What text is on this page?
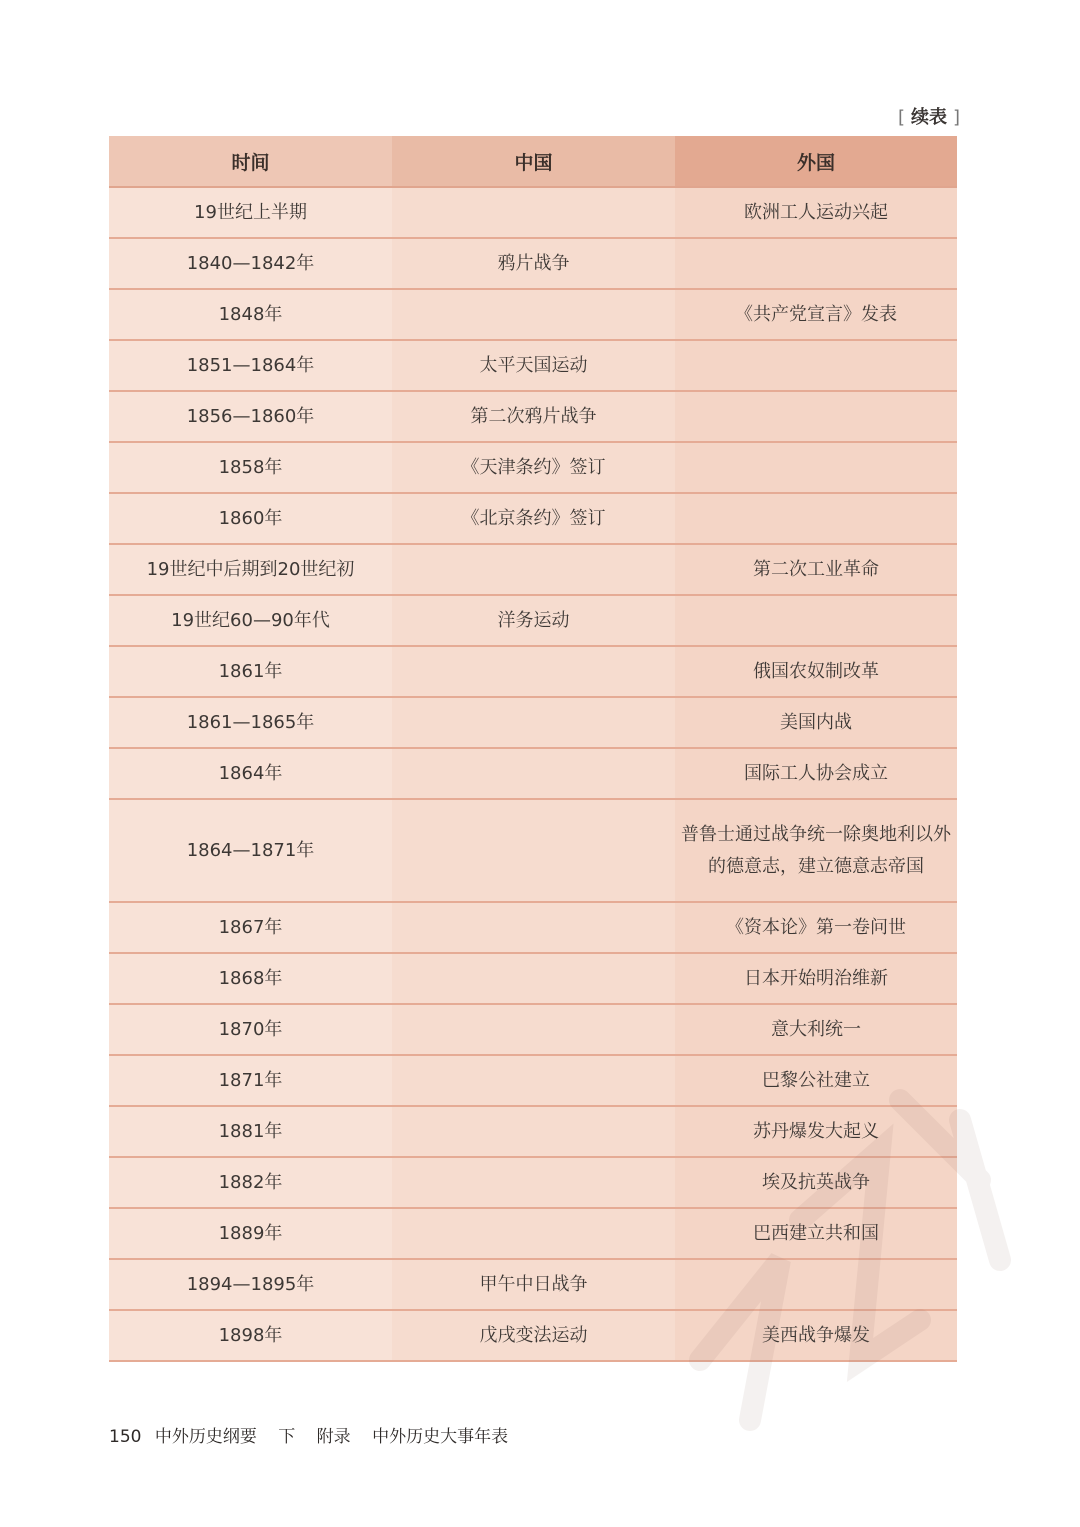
[ 续表 ]
时间	中国	外国
19世纪上半期		欧洲工人运动兴起
1840—1842年	鸦片战争	
1848年		《共产党宣言》发表
1851—1864年	太平天国运动	
1856—1860年	第二次鸦片战争	
1858年	《天津条约》签订	
1860年	《北京条约》签订	
19世纪中后期到20世纪初		第二次工业革命
19世纪60—90年代	洋务运动	
1861年		俄国农奴制改革
1861—1865年		美国内战
1864年		国际工人协会成立
1864—1871年		普鲁士通过战争统一除奥地利以外的德意志，建立德意志帝国
1867年		《资本论》第一卷问世
1868年		日本开始明治维新
1870年		意大利统一
1871年		巴黎公社建立
1881年		苏丹爆发大起义
1882年		埃及抗英战争
1889年		巴西建立共和国
1894—1895年	甲午中日战争	
1898年	戊戌变法运动	美西战争爆发
150 中外历史纲要 下 附录 中外历史大事年表
